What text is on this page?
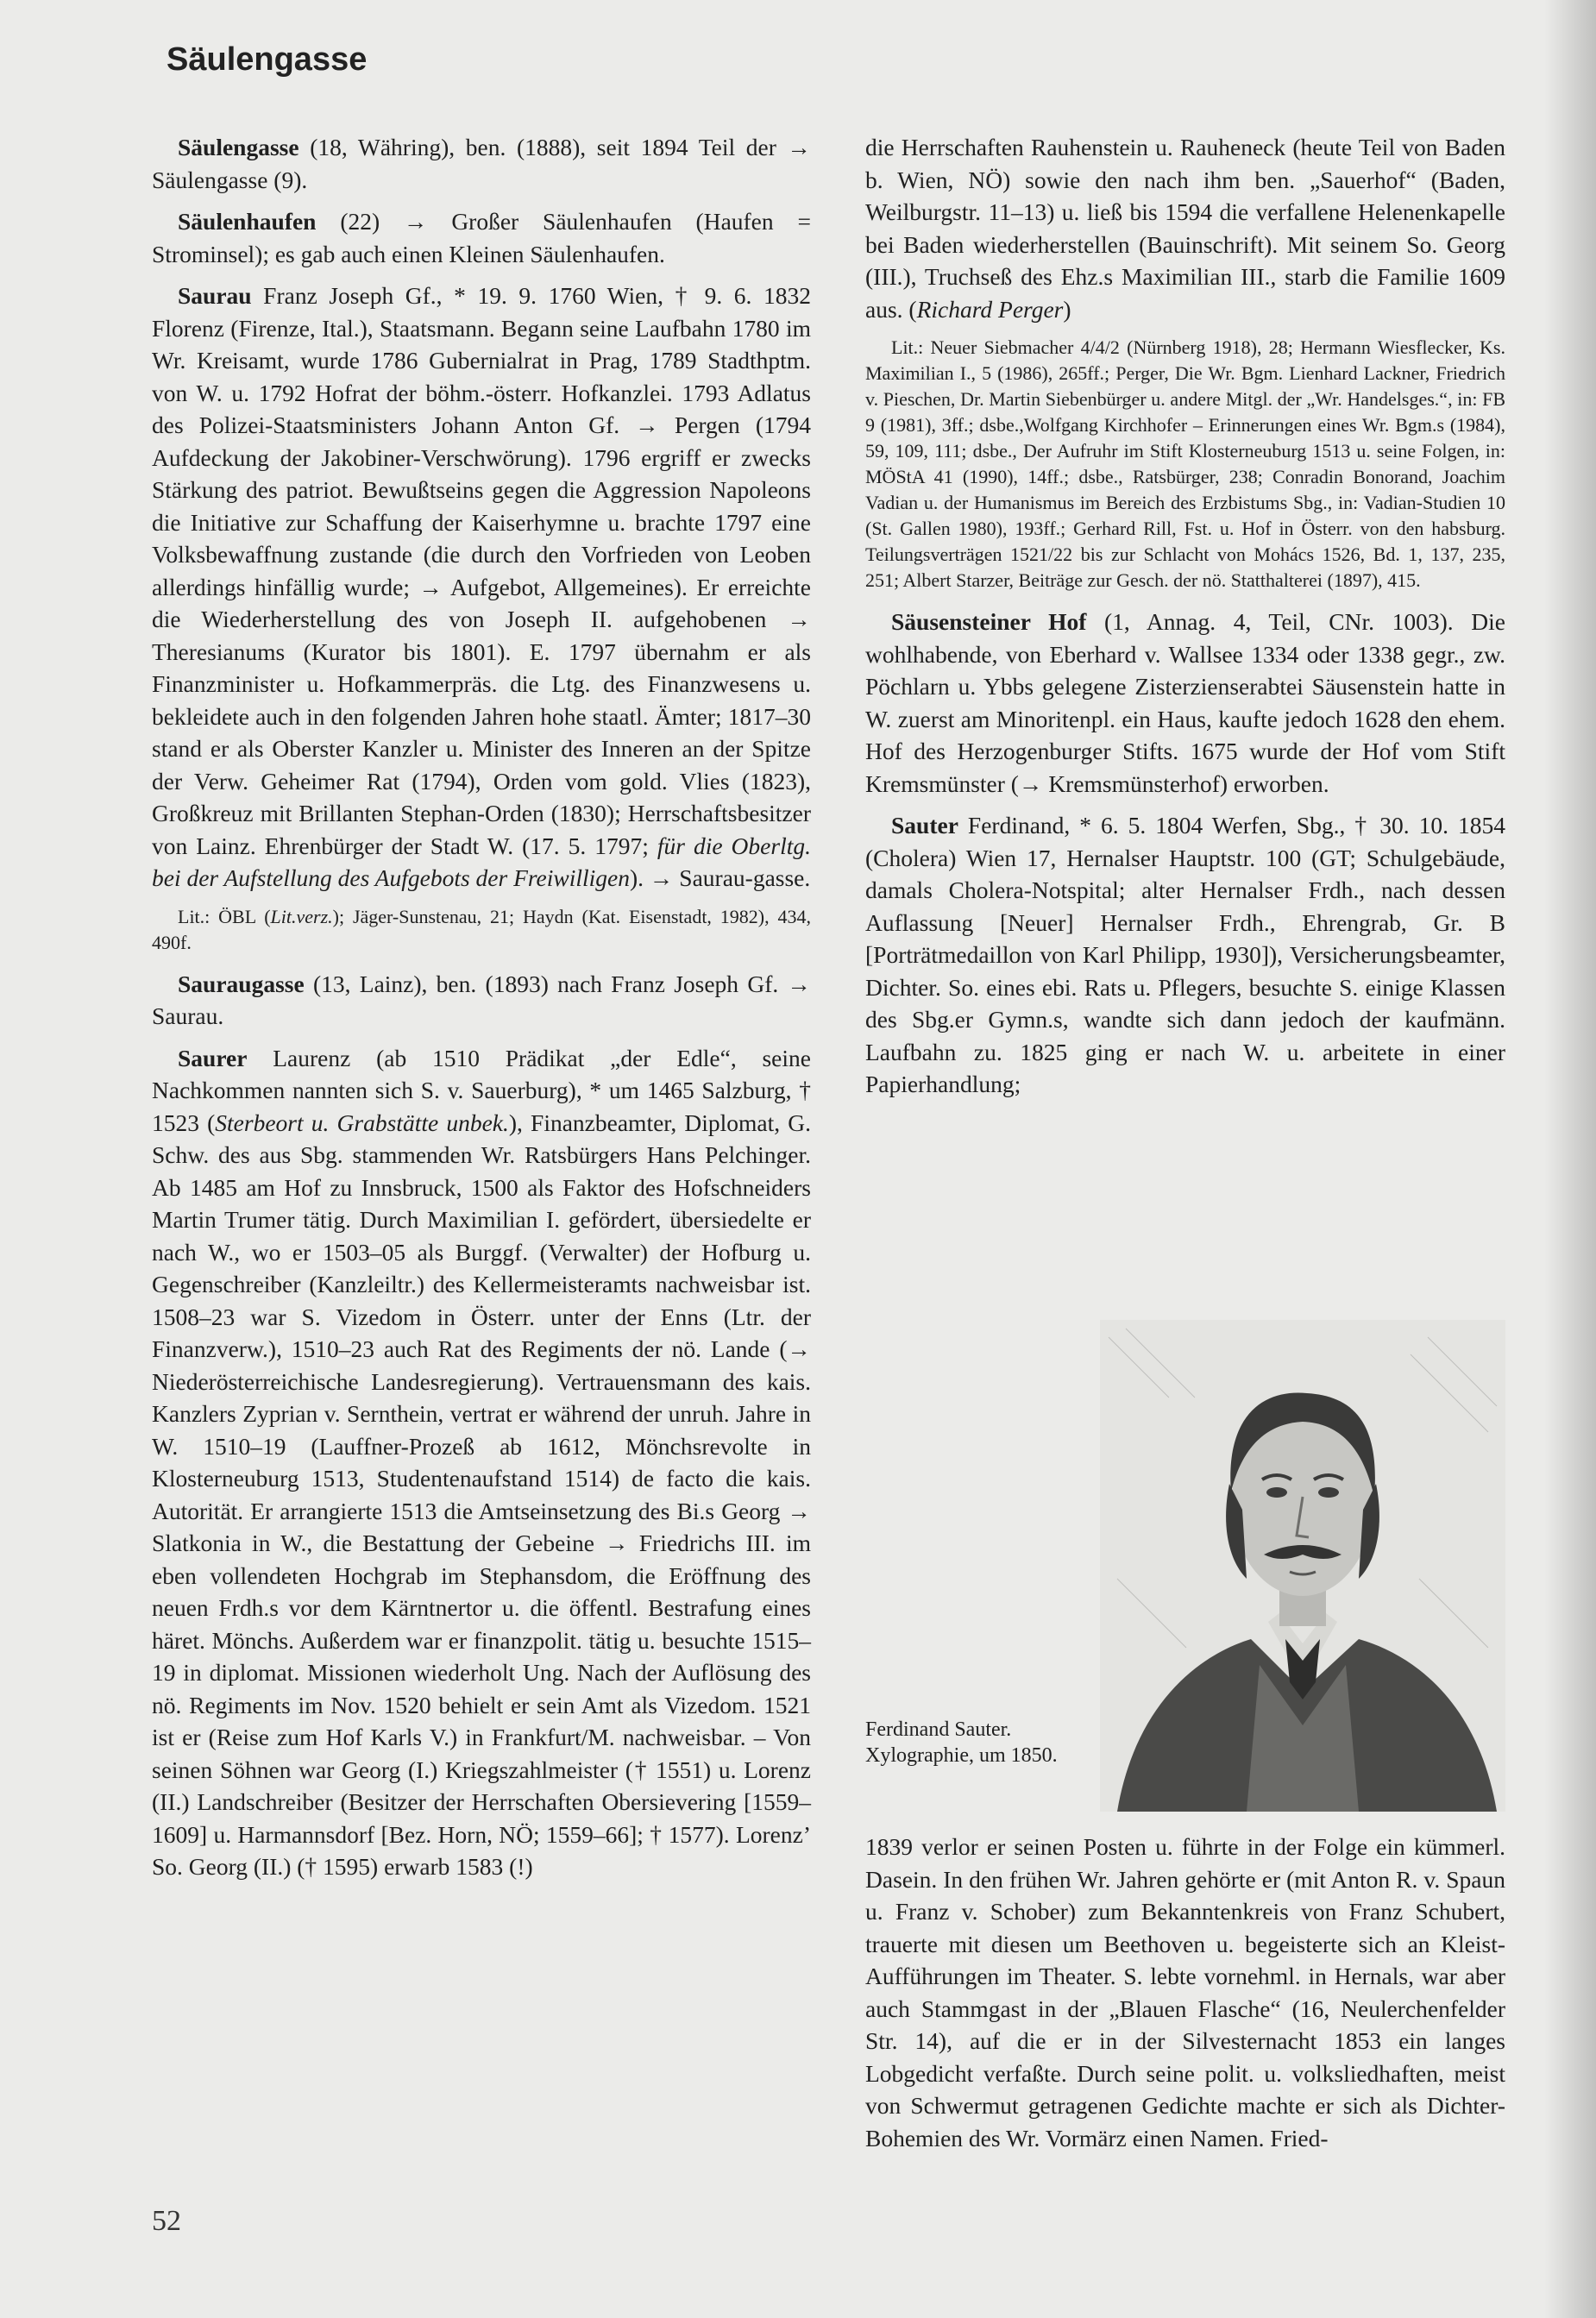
Säulengasse

Säulengasse (18, Währing), ben. (1888), seit 1894 Teil der → Säulengasse (9).

Säulenhaufen (22) → Großer Säulenhaufen (Haufen = Strominsel); es gab auch einen Kleinen Säulenhaufen.

Saurau Franz Joseph Gf., * 19. 9. 1760 Wien, † 9. 6. 1832 Florenz (Firenze, Ital.), Staatsmann. Begann seine Laufbahn 1780 im Wr. Kreisamt, wurde 1786 Gubernialrat in Prag, 1789 Stadthptm. von W. u. 1792 Hofrat der böhm.-österr. Hofkanzlei. 1793 Adlatus des Polizei-Staatsministers Johann Anton Gf. → Pergen (1794 Aufdeckung der Jakobiner-Verschwörung). 1796 ergriff er zwecks Stärkung des patriot. Bewußtseins gegen die Aggression Napoleons die Initiative zur Schaffung der Kaiserhymne u. brachte 1797 eine Volksbewaffnung zustande (die durch den Vorfrieden von Leoben allerdings hinfällig wurde; → Aufgebot, Allgemeines). Er erreichte die Wiederherstellung des von Joseph II. aufgehobenen → Theresianums (Kurator bis 1801). E. 1797 übernahm er als Finanzminister u. Hofkammerpräs. die Ltg. des Finanzwesens u. bekleidete auch in den folgenden Jahren hohe staatl. Ämter; 1817–30 stand er als Oberster Kanzler u. Minister des Inneren an der Spitze der Verw. Geheimer Rat (1794), Orden vom gold. Vlies (1823), Großkreuz mit Brillanten Stephan-Orden (1830); Herrschaftsbesitzer von Lainz. Ehrenbürger der Stadt W. (17. 5. 1797; für die Oberltg. bei der Aufstellung des Aufgebots der Freiwilligen). → Saurau-gasse.

Lit.: ÖBL (Lit.verz.); Jäger-Sunstenau, 21; Haydn (Kat. Eisenstadt, 1982), 434, 490f.

Sauraugasse (13, Lainz), ben. (1893) nach Franz Joseph Gf. → Saurau.

Saurer Laurenz (ab 1510 Prädikat „der Edle“, seine Nachkommen nannten sich S. v. Sauerburg), * um 1465 Salzburg, † 1523 (Sterbeort u. Grabstätte unbek.), Finanzbeamter, Diplomat, G. Schw. des aus Sbg. stammenden Wr. Ratsbürgers Hans Pelchinger. Ab 1485 am Hof zu Innsbruck, 1500 als Faktor des Hofschneiders Martin Trumer tätig. Durch Maximilian I. gefördert, übersiedelte er nach W., wo er 1503–05 als Burggf. (Verwalter) der Hofburg u. Gegenschreiber (Kanzleiltr.) des Kellermeisteramts nachweisbar ist. 1508–23 war S. Vizedom in Österr. unter der Enns (Ltr. der Finanzverw.), 1510–23 auch Rat des Regiments der nö. Lande (→ Niederösterreichische Landesregierung). Vertrauensmann des kais. Kanzlers Zyprian v. Sernthein, vertrat er während der unruh. Jahre in W. 1510–19 (Lauffner-Prozeß ab 1612, Mönchsrevolte in Klosterneuburg 1513, Studentenaufstand 1514) de facto die kais. Autorität. Er arrangierte 1513 die Amtseinsetzung des Bi.s Georg → Slatkonia in W., die Bestattung der Gebeine → Friedrichs III. im eben vollendeten Hochgrab im Stephansdom, die Eröffnung des neuen Frdh.s vor dem Kärntnertor u. die öffentl. Bestrafung eines häret. Mönchs. Außerdem war er finanzpolit. tätig u. besuchte 1515–19 in diplomat. Missionen wiederholt Ung. Nach der Auflösung des nö. Regiments im Nov. 1520 behielt er sein Amt als Vizedom. 1521 ist er (Reise zum Hof Karls V.) in Frankfurt/M. nachweisbar. – Von seinen Söhnen war Georg (I.) Kriegszahlmeister († 1551) u. Lorenz (II.) Landschreiber (Besitzer der Herrschaften Obersievering [1559–1609] u. Harmannsdorf [Bez. Horn, NÖ; 1559–66]; † 1577). Lorenz’ So. Georg (II.) († 1595) erwarb 1583 (!)

die Herrschaften Rauhenstein u. Rauheneck (heute Teil von Baden b. Wien, NÖ) sowie den nach ihm ben. „Sauerhof“ (Baden, Weilburgstr. 11–13) u. ließ bis 1594 die verfallene Helenenkapelle bei Baden wiederherstellen (Bauinschrift). Mit seinem So. Georg (III.), Truchseß des Ehz.s Maximilian III., starb die Familie 1609 aus. (Richard Perger)

Lit.: Neuer Siebmacher 4/4/2 (Nürnberg 1918), 28; Hermann Wiesflecker, Ks. Maximilian I., 5 (1986), 265ff.; Perger, Die Wr. Bgm. Lienhard Lackner, Friedrich v. Pieschen, Dr. Martin Siebenbürger u. andere Mitgl. der „Wr. Handelsges.“, in: FB 9 (1981), 3ff.; dsbe.,Wolfgang Kirchhofer – Erinnerungen eines Wr. Bgm.s (1984), 59, 109, 111; dsbe., Der Aufruhr im Stift Klosterneuburg 1513 u. seine Folgen, in: MÖStA 41 (1990), 14ff.; dsbe., Ratsbürger, 238; Conradin Bonorand, Joachim Vadian u. der Humanismus im Bereich des Erzbistums Sbg., in: Vadian-Studien 10 (St. Gallen 1980), 193ff.; Gerhard Rill, Fst. u. Hof in Österr. von den habsburg. Teilungsverträgen 1521/22 bis zur Schlacht von Mohács 1526, Bd. 1, 137, 235, 251; Albert Starzer, Beiträge zur Gesch. der nö. Statthalterei (1897), 415.

Säusensteiner Hof (1, Annag. 4, Teil, CNr. 1003). Die wohlhabende, von Eberhard v. Wallsee 1334 oder 1338 gegr., zw. Pöchlarn u. Ybbs gelegene Zisterzienserabtei Säusenstein hatte in W. zuerst am Minoritenpl. ein Haus, kaufte jedoch 1628 den ehem. Hof des Herzogenburger Stifts. 1675 wurde der Hof vom Stift Kremsmünster (→ Kremsmünsterhof) erworben.

Sauter Ferdinand, * 6. 5. 1804 Werfen, Sbg., † 30. 10. 1854 (Cholera) Wien 17, Hernalser Hauptstr. 100 (GT; Schulgebäude, damals Cholera-Notspital; alter Hernalser Frdh., nach dessen Auflassung [Neuer] Hernalser Frdh., Ehrengrab, Gr. B [Porträtmedaillon von Karl Philipp, 1930]), Versicherungsbeamter, Dichter. So. eines ebi. Rats u. Pflegers, besuchte S. einige Klassen des Sbg.er Gymn.s, wandte sich dann jedoch der kaufmänn. Laufbahn zu. 1825 ging er nach W. u. arbeitete in einer Papierhandlung;

Ferdinand Sauter. Xylographie, um 1850.

1839 verlor er seinen Posten u. führte in der Folge ein kümmerl. Dasein. In den frühen Wr. Jahren gehörte er (mit Anton R. v. Spaun u. Franz v. Schober) zum Bekanntenkreis von Franz Schubert, trauerte mit diesen um Beethoven u. begeisterte sich an Kleist-Aufführungen im Theater. S. lebte vornehml. in Hernals, war aber auch Stammgast in der „Blauen Flasche“ (16, Neulerchenfelder Str. 14), auf die er in der Silvesternacht 1853 ein langes Lobgedicht verfaßte. Durch seine polit. u. volksliedhaften, meist von Schwermut getragenen Gedichte machte er sich als Dichter-Bohemien des Wr. Vormärz einen Namen. Fried-

52
